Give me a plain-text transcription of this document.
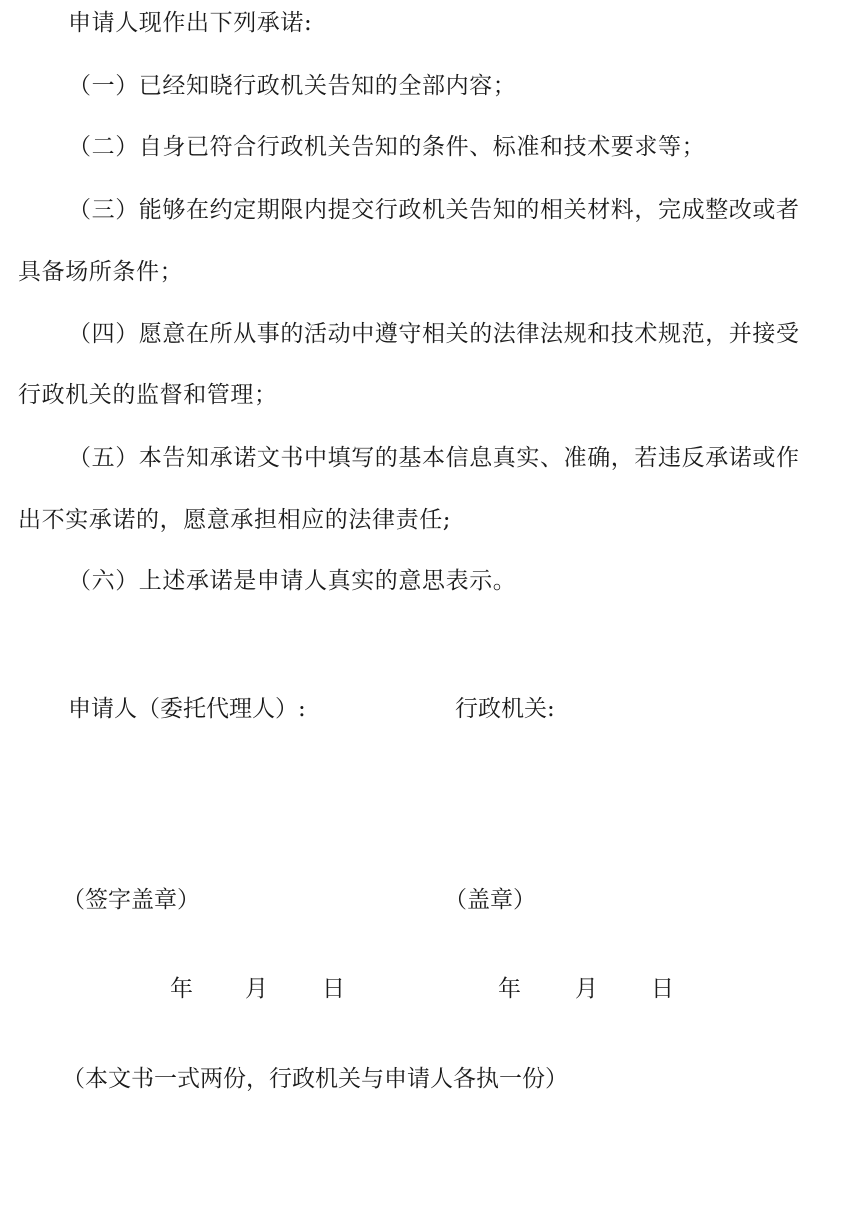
申请人现作出下列承诺:
（一）已经知晓行政机关告知的全部内容；
（二）自身已符合行政机关告知的条件、标准和技术要求等；
（三）能够在约定期限内提交行政机关告知的相关材料，完成整改或者
具备场所条件；
（四）愿意在所从事的活动中遵守相关的法律法规和技术规范，并接受
行政机关的监督和管理；
（五）本告知承诺文书中填写的基本信息真实、准确，若违反承诺或作
出不实承诺的，愿意承担相应的法律责任;
（六）上述承诺是申请人真实的意思表示。
申请人（委托代理人）:	行政机关:
（签字盖章）	（盖章）
年 月 日	年 月 日
（本文书一式两份，行政机关与申请人各执一份）
